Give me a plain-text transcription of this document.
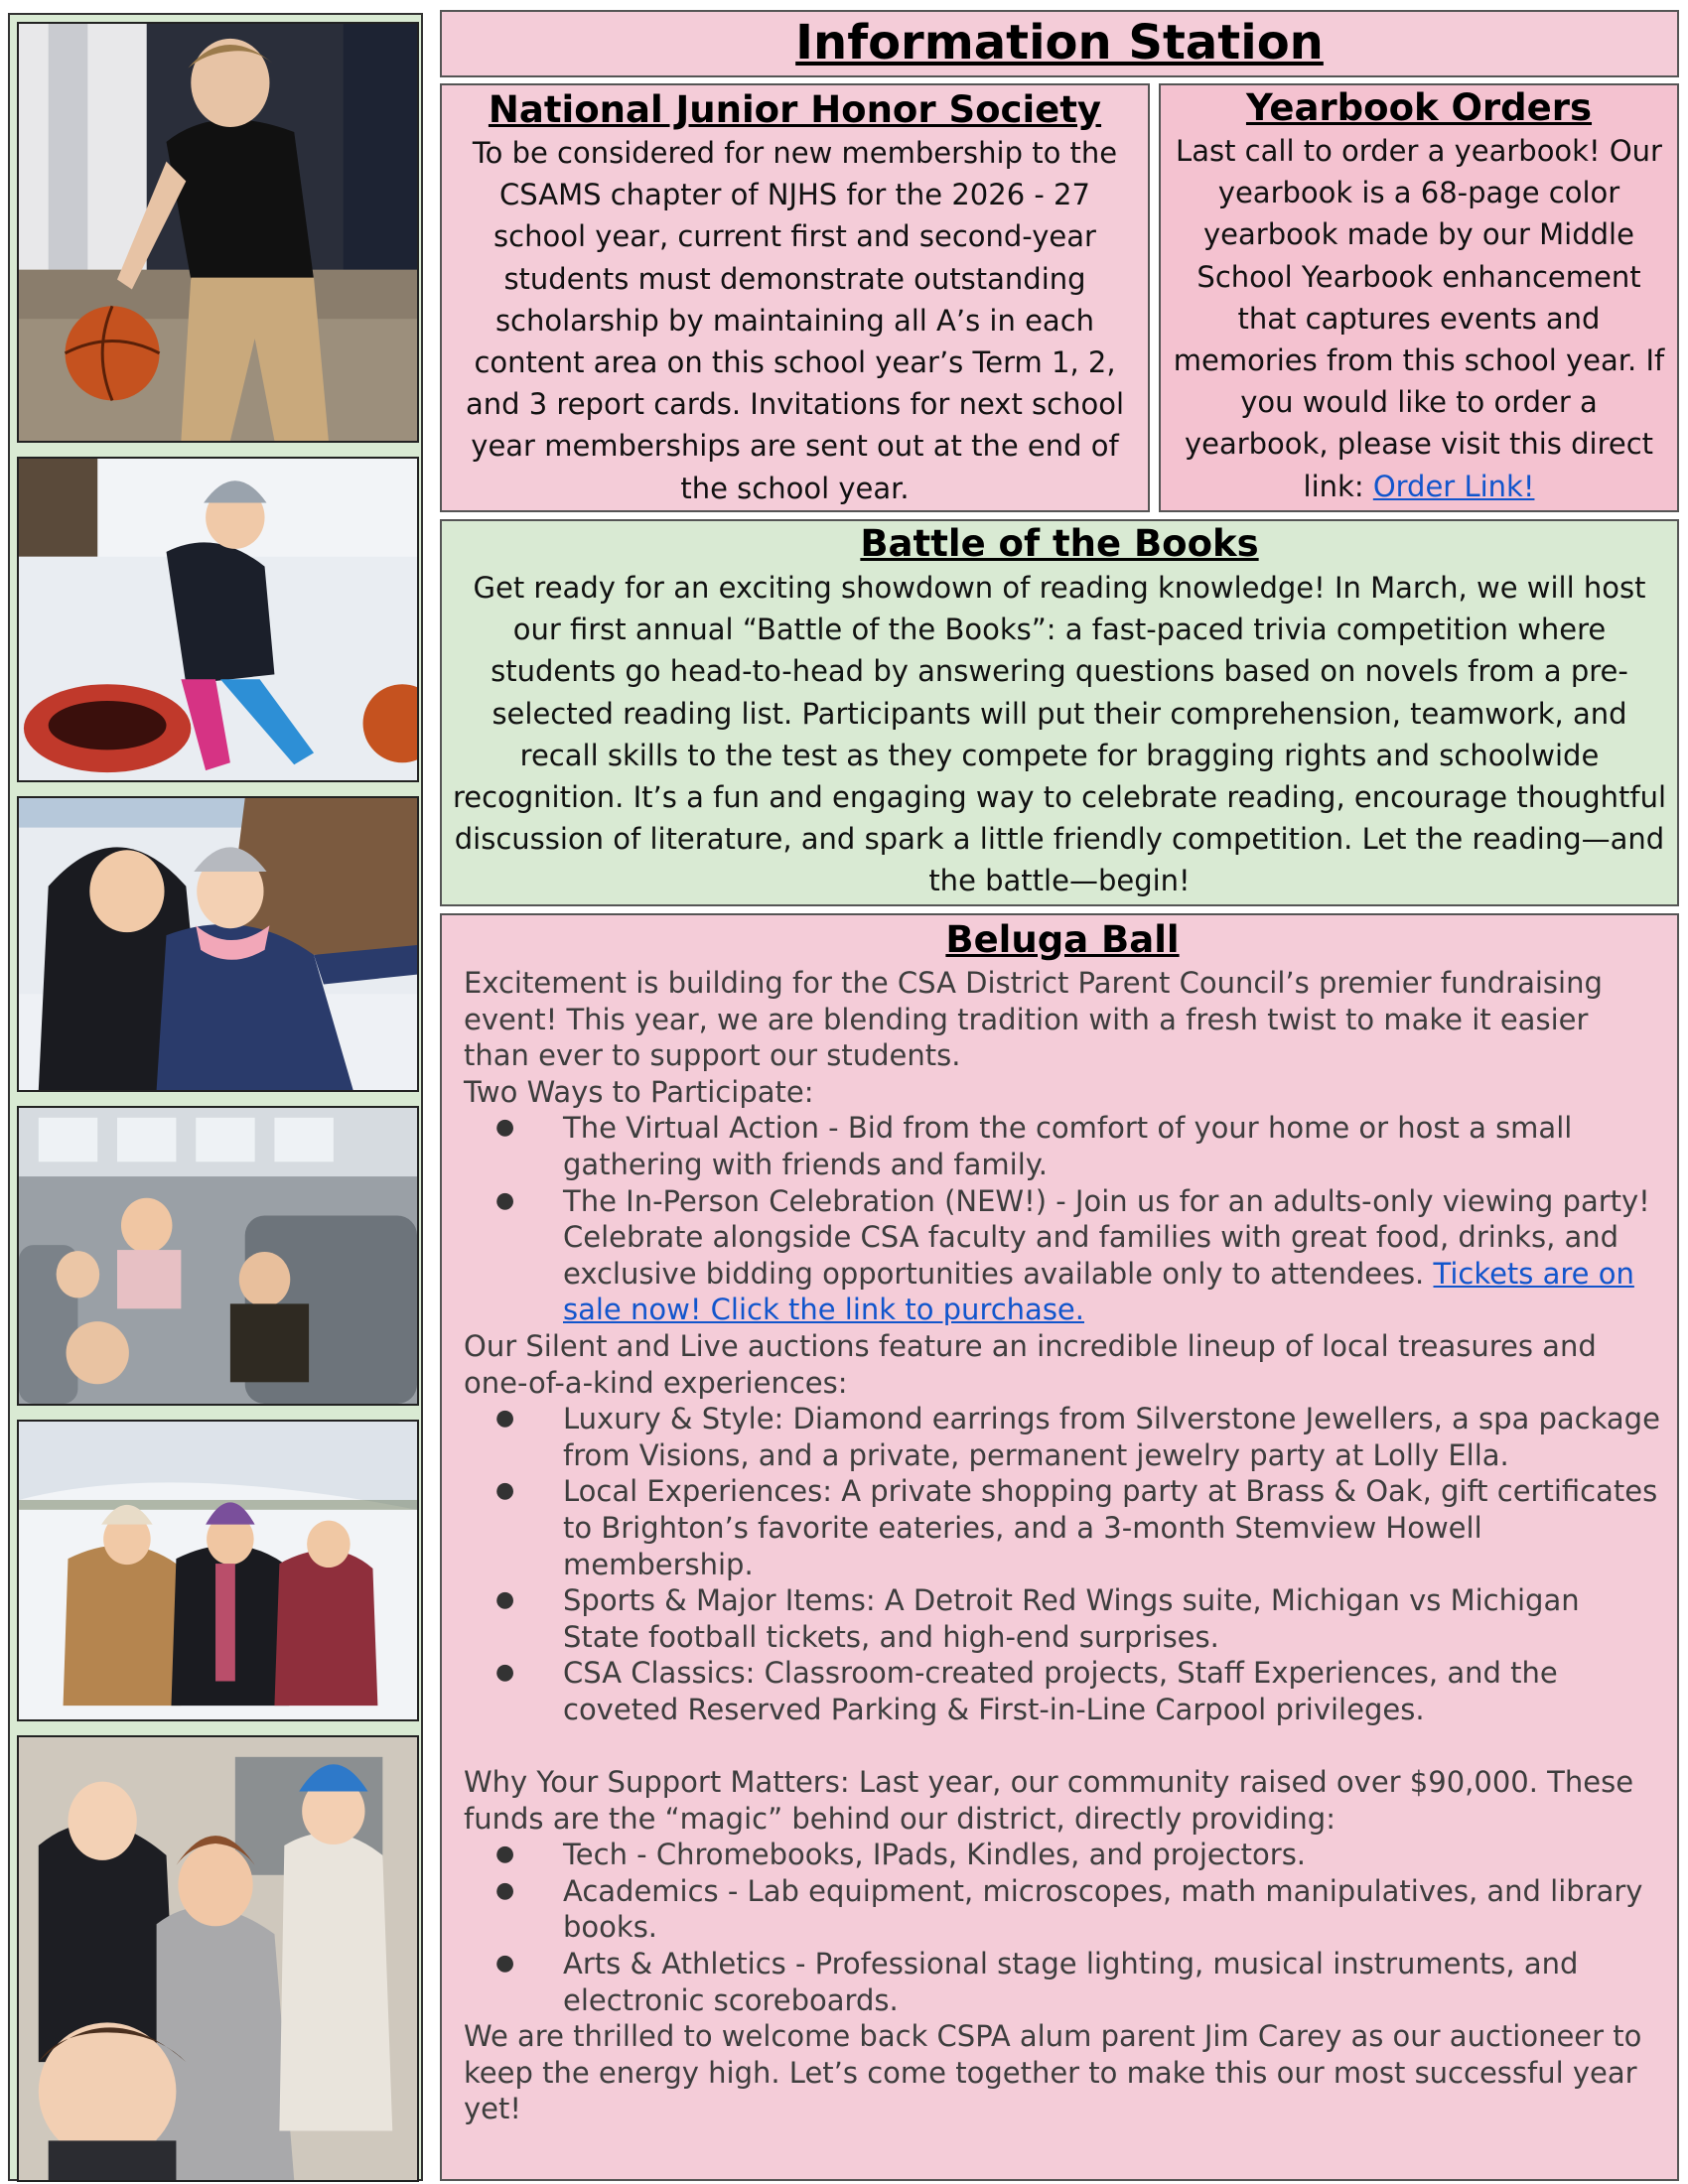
Information Station
National Junior Honor Society
To be considered for new membership to the CSAMS chapter of NJHS for the 2026 - 27 school year, current first and second-year students must demonstrate outstanding scholarship by maintaining all A’s in each content area on this school year’s Term 1, 2, and 3 report cards. Invitations for next school year memberships are sent out at the end of the school year.
Yearbook Orders
Last call to order a yearbook! Our yearbook is a 68-page color yearbook made by our Middle School Yearbook enhancement that captures events and memories from this school year. If you would like to order a yearbook, please visit this direct link: Order Link!
Battle of the Books
Get ready for an exciting showdown of reading knowledge! In March, we will host our first annual “Battle of the Books”: a fast-paced trivia competition where students go head-to-head by answering questions based on novels from a pre-selected reading list. Participants will put their comprehension, teamwork, and recall skills to the test as they compete for bragging rights and schoolwide recognition. It’s a fun and engaging way to celebrate reading, encourage thoughtful discussion of literature, and spark a little friendly competition. Let the reading—and the battle—begin!
Beluga Ball

Excitement is building for the CSA District Parent Council’s premier fundraising event! This year, we are blending tradition with a fresh twist to make it easier than ever to support our students.

Two Ways to Participate:

● The Virtual Action - Bid from the comfort of your home or host a small gathering with friends and family.
● The In-Person Celebration (NEW!) - Join us for an adults-only viewing party! Celebrate alongside CSA faculty and families with great food, drinks, and exclusive bidding opportunities available only to attendees. Tickets are on sale now! Click the link to purchase.

Our Silent and Live auctions feature an incredible lineup of local treasures and one-of-a-kind experiences:

● Luxury & Style: Diamond earrings from Silverstone Jewellers, a spa package from Visions, and a private, permanent jewelry party at Lolly Ella.
● Local Experiences: A private shopping party at Brass & Oak, gift certificates to Brighton’s favorite eateries, and a 3-month Stemview Howell membership.
● Sports & Major Items: A Detroit Red Wings suite, Michigan vs Michigan State football tickets, and high-end surprises.
● CSA Classics: Classroom-created projects, Staff Experiences, and the coveted Reserved Parking & First-in-Line Carpool privileges.

Why Your Support Matters: Last year, our community raised over $90,000. These funds are the “magic” behind our district, directly providing:

● Tech - Chromebooks, IPads, Kindles, and projectors.
● Academics - Lab equipment, microscopes, math manipulatives, and library books.
● Arts & Athletics - Professional stage lighting, musical instruments, and electronic scoreboards.

We are thrilled to welcome back CSPA alum parent Jim Carey as our auctioneer to keep the energy high. Let’s come together to make this our most successful year yet!
